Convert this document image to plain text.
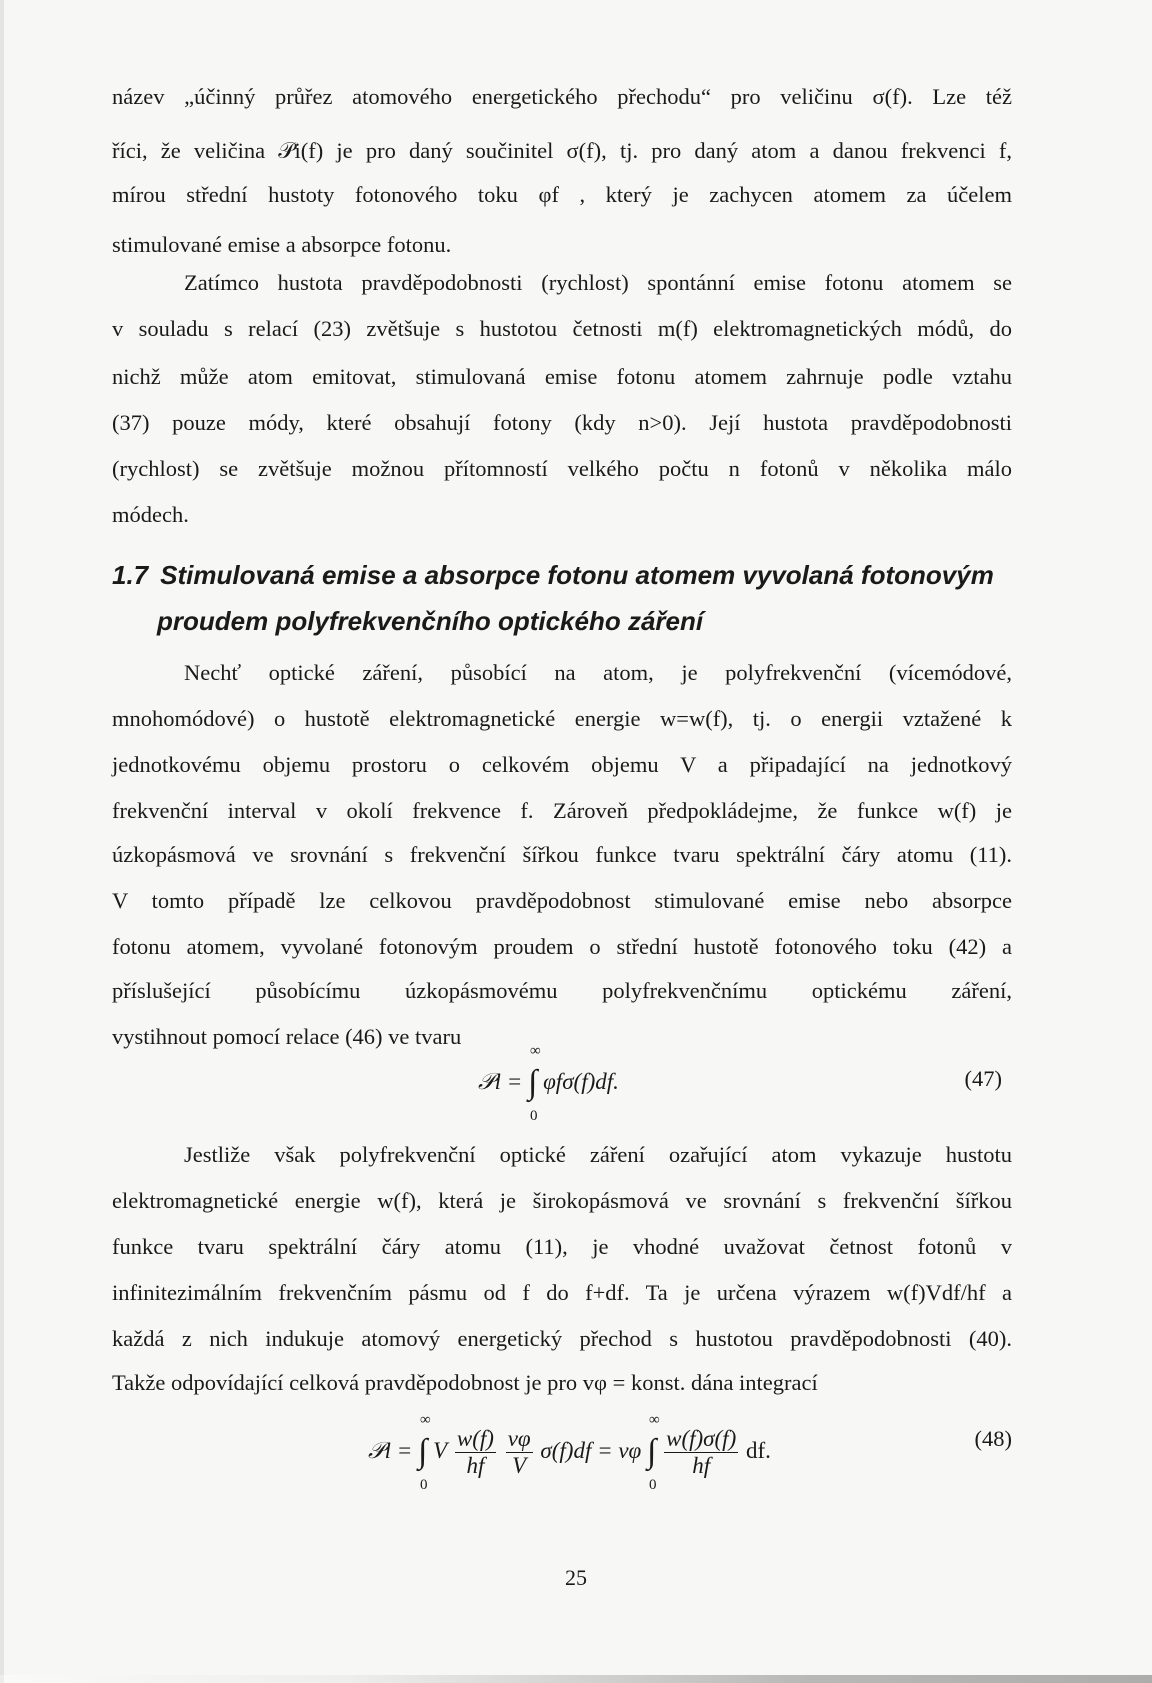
název „účinný průřez atomového energetického přechodu“ pro veličinu σ(f). Lze též
říci, že veličina 𝒫i(f) je pro daný součinitel σ(f), tj. pro daný atom a danou frekvenci f,
mírou střední hustoty fotonového toku φf , který je zachycen atomem za účelem
stimulované emise a absorpce fotonu.
Zatímco hustota pravděpodobnosti (rychlost) spontánní emise fotonu atomem se
v souladu s relací (23) zvětšuje s hustotou četnosti m(f) elektromagnetických módů, do
nichž může atom emitovat, stimulovaná emise fotonu atomem zahrnuje podle vztahu
(37) pouze módy, které obsahují fotony (kdy n>0). Její hustota pravděpodobnosti
(rychlost) se zvětšuje možnou přítomností velkého počtu n fotonů v několika málo
módech.
1.7 Stimulovaná emise a absorpce fotonu atomem vyvolaná fotonovým
proudem polyfrekvenčního optického záření
Nechť optické záření, působící na atom, je polyfrekvenční (vícemódové,
mnohomódové) o hustotě elektromagnetické energie w=w(f), tj. o energii vztažené k
jednotkovému objemu prostoru o celkovém objemu V a připadající na jednotkový
frekvenční interval v okolí frekvence f. Zároveň předpokládejme, že funkce w(f) je
úzkopásmová ve srovnání s frekvenční šířkou funkce tvaru spektrální čáry atomu (11).
V tomto případě lze celkovou pravděpodobnost stimulované emise nebo absorpce
fotonu atomem, vyvolané fotonovým proudem o střední hustotě fotonového toku (42) a
příslušející působícímu úzkopásmovému polyfrekvenčnímu optickému záření,
vystihnout pomocí relace (46) ve tvaru
𝒫i = ∫
∞
0
φfσ(f)df.	(47)
Jestliže však polyfrekvenční optické záření ozařující atom vykazuje hustotu
elektromagnetické energie w(f), která je širokopásmová ve srovnání s frekvenční šířkou
funkce tvaru spektrální čáry atomu (11), je vhodné uvažovat četnost fotonů v
infinitezimálním frekvenčním pásmu od f do f+df. Ta je určena výrazem w(f)Vdf/hf a
každá z nich indukuje atomový energetický přechod s hustotou pravděpodobnosti (40).
Takže odpovídající celková pravděpodobnost je pro vφ = konst. dána integrací
𝒫i = ∫
∞
0
V $\frac{w(f)}{hf}$
$\frac{v\varphi}{V} \sigma(f)df = v\varphi$ ∫
∞
0

$\frac{w(f)\sigma(f)}{hf}$ df.	(48)
25
